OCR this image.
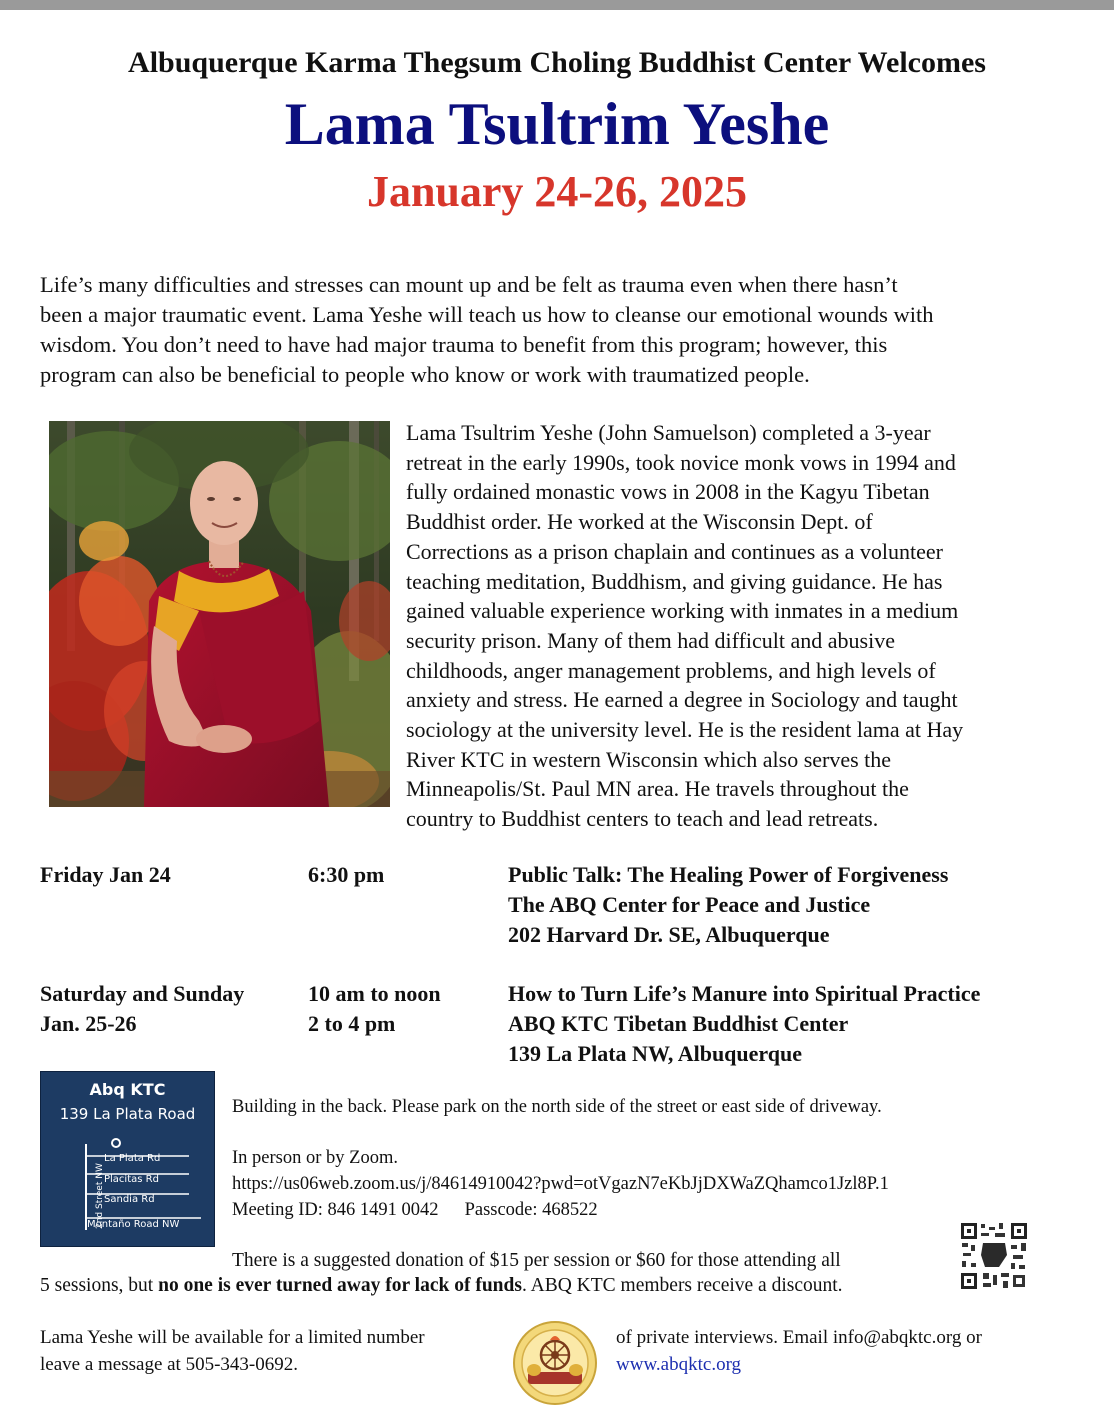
Albuquerque Karma Thegsum Choling Buddhist Center Welcomes
Lama Tsultrim Yeshe
January 24-26, 2025
Life’s many difficulties and stresses can mount up and be felt as trauma even when there hasn’t
been a major traumatic event. Lama Yeshe will teach us how to cleanse our emotional wounds with
wisdom. You don’t need to have had major trauma to benefit from this program; however, this
program can also be beneficial to people who know or work with traumatized people.
Lama Tsultrim Yeshe (John Samuelson) completed a 3-year
retreat in the early 1990s, took novice monk vows in 1994 and
fully ordained monastic vows in 2008 in the Kagyu Tibetan
Buddhist order. He worked at the Wisconsin Dept. of
Corrections as a prison chaplain and continues as a volunteer
teaching meditation, Buddhism, and giving guidance. He has
gained valuable experience working with inmates in a medium
security prison. Many of them had difficult and abusive
childhoods, anger management problems, and high levels of
anxiety and stress. He earned a degree in Sociology and taught
sociology at the university level. He is the resident lama at Hay
River KTC in western Wisconsin which also serves the
Minneapolis/St. Paul MN area. He travels throughout the
country to Buddhist centers to teach and lead retreats.
Friday Jan 24	6:30 pm	Public Talk: The Healing Power of Forgiveness
The ABQ Center for Peace and Justice
202 Harvard Dr. SE, Albuquerque
Saturday and Sunday
Jan. 25-26
10 am to noon
2 to 4 pm
How to Turn Life’s Manure into Spiritual Practice
ABQ KTC Tibetan Buddhist Center
139 La Plata NW, Albuquerque
Abq KTC
139 La Plata Road
2nd Street NW
La Plata Rd
Placitas Rd
Sandia Rd
Montaño Road NW
Building in the back. Please park on the north side of the street or east side of driveway.
In person or by Zoom.
https://us06web.zoom.us/j/84614910042?pwd=otVgazN7eKbJjDXWaZQhamco1Jzl8P.1
Meeting ID: 846 1491 0042 Passcode: 468522
There is a suggested donation of $15 per session or $60 for those attending all
5 sessions, but no one is ever turned away for lack of funds. ABQ KTC members receive a discount.
Lama Yeshe will be available for a limited number
leave a message at 505-343-0692.
of private interviews. Email info@abqktc.org or
www.abqktc.org
